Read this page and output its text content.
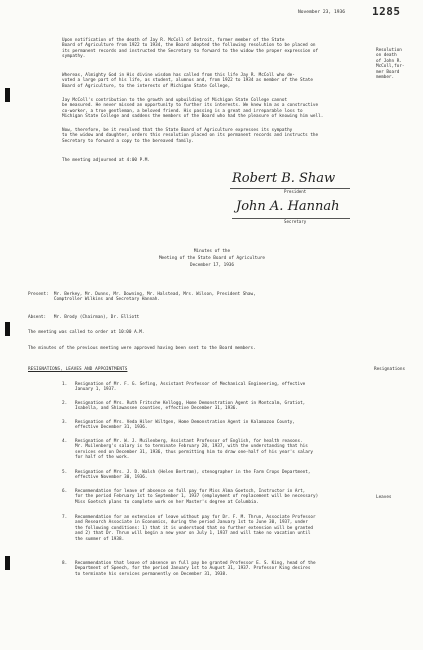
November 23, 1936 1285
Upon notification of the death of Jay R. McColl of Detroit, former member of the State
Board of Agriculture from 1922 to 1934, the Board adopted the following resolution to be placed on
its permanent records and instructed the Secretary to forward to the widow the proper expression of
sympathy.
Resolution
on death
of John R.
McColl,for-
mer Board
member.
Whereas, Almighty God in His divine wisdom has called from this life Jay R. McColl who de-
voted a large part of his life, as student, alumnus and, from 1922 to 1934 as member of the State
Board of Agriculture, to the interests of Michigan State College,
Jay McColl's contribution to the growth and upbuilding of Michigan State College cannot
be measured. He never missed an opportunity to further its interests. We knew him as a constructive
co-worker, a true gentleman, a beloved friend. His passing is a great and irreparable loss to
Michigan State College and saddens the members of the Board who had the pleasure of knowing him well.
Now, therefore, be it resolved that the State Board of Agriculture expresses its sympathy
to the widow and daughter, orders this resolution placed on its permanent records and instructs the
Secretary to forward a copy to the bereaved family.
The meeting adjourned at 4:00 P.M.
Robert B. Shaw
President
John A. Hannah
Secretary
Minutes of the
Meeting of the State Board of Agriculture
December 17, 1936
Present:  Mr. Berkey, Mr. Dunns, Mr. Downing, Mr. Halstead, Mrs. Wilson, President Shaw,
Comptroller Wilkins and Secretary Hannah.
Absent:   Mr. Brody (Chairman), Dr. Elliott
The meeting was called to order at 10:00 A.M.
The minutes of the previous meeting were approved having been sent to the Board members.
RESIGNATIONS, LEAVES AND APPOINTMENTS	Resignations
1. Resignation of Mr. F. G. Sefing, Assistant Professor of Mechanical Engineering, effective
January 1, 1937.
2. Resignation of Mrs. Ruth Fritsche Kellogg, Home Demonstration Agent in Montcalm, Gratiot,
Isabella, and Shiawassee counties, effective December 31, 1936.
3. Resignation of Mrs. Veda Hiler Wiltgen, Home Demonstration Agent in Kalamazoo County,
effective December 31, 1936.
4. Resignation of Mr. W. J. Muilenberg, Assistant Professor of English, for health reasons.
Mr. Muilenberg's salary is to terminate February 28, 1937, with the understanding that his
services end on December 31, 1936, thus permitting him to draw one-half of his year's salary
for half of the work.
5. Resignation of Mrs. J. D. Walsh (Helen Bertram), stenographer in the Farm Crops Department,
effective November 30, 1936.
6. Recommendation for leave of absence on full pay for Miss Alma Goetsch, Instructor in Art,
for the period February 1st to September 1, 1937 (employment of replacement will be necessary)
Miss Goetsch plans to complete work on her Master's degree at Columbia.
Leaves
7. Recommendation for an extension of leave without pay for Dr. F. M. Thrun, Associate Professor
and Research Associate in Economics, during the period January 1st to June 30, 1937, under
the following conditions: 1) that it is understood that no further extension will be granted
and 2) that Dr. Thrun will begin a new year on July 1, 1937 and will take no vacation until
the summer of 1938.
8. Recommendation that leave of absence on full pay be granted Professor E. S. King, head of the
Department of Speech, for the period January 1st to August 31, 1937. Professor King desires
to terminate his services permanently on December 31, 1938.
